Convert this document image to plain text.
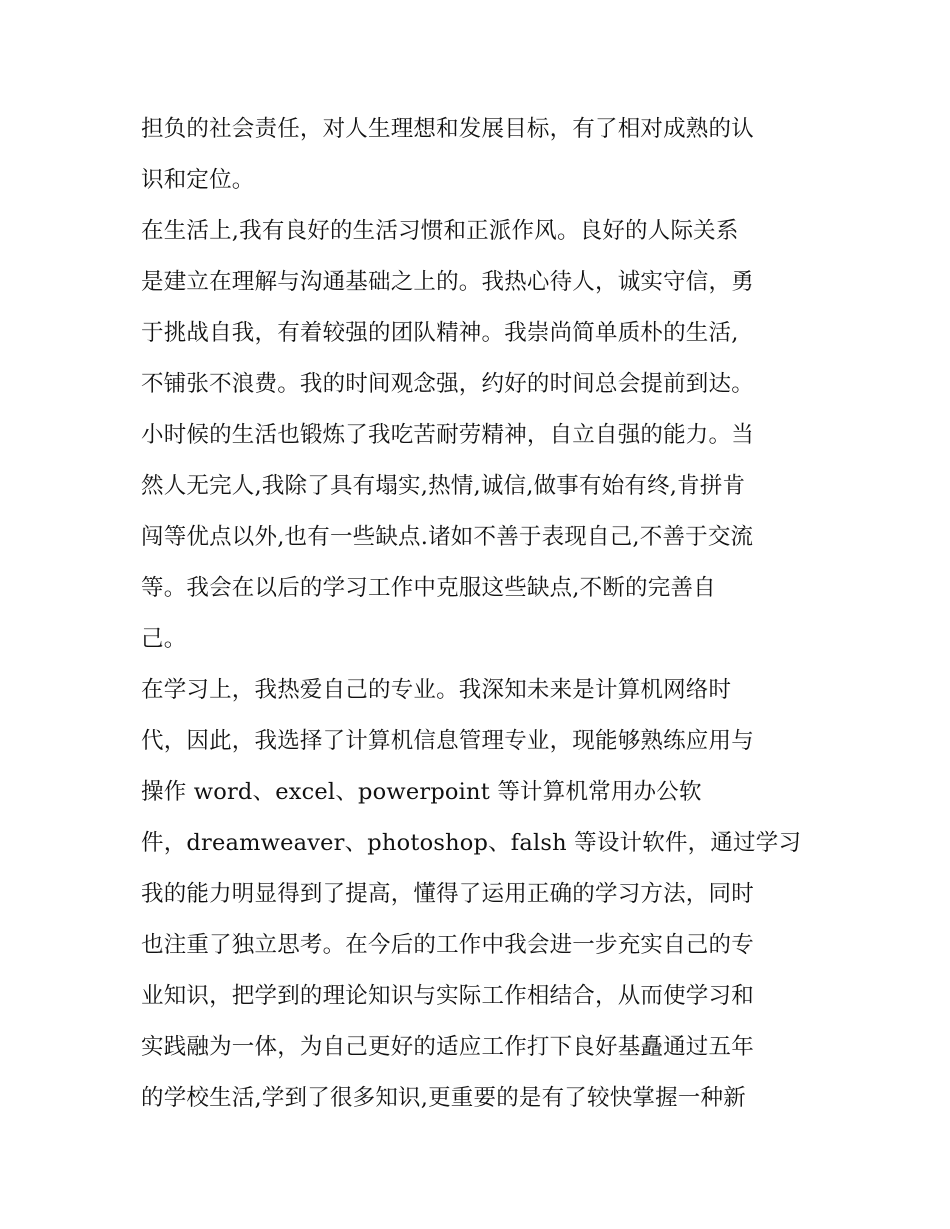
担负的社会责任，对人生理想和发展目标，有了相对成熟的认
识和定位。
在生活上,我有良好的生活习惯和正派作风。良好的人际关系
是建立在理解与沟通基础之上的。我热心待人，诚实守信，勇
于挑战自我，有着较强的团队精神。我崇尚简单质朴的生活,
不铺张不浪费。我的时间观念强，约好的时间总会提前到达。
小时候的生活也锻炼了我吃苦耐劳精神，自立自强的能力。当
然人无完人,我除了具有塌实,热情,诚信,做事有始有终,肯拼肯
闯等优点以外,也有一些缺点.诸如不善于表现自己,不善于交流
等。我会在以后的学习工作中克服这些缺点,不断的完善自
己。
在学习上，我热爱自己的专业。我深知未来是计算机网络时
代，因此，我选择了计算机信息管理专业，现能够熟练应用与
操作 word、excel、powerpoint 等计算机常用办公软
件，dreamweaver、photoshop、falsh 等设计软件，通过学习
我的能力明显得到了提高，懂得了运用正确的学习方法，同时
也注重了独立思考。在今后的工作中我会进一步充实自己的专
业知识，把学到的理论知识与实际工作相结合，从而使学习和
实践融为一体，为自己更好的适应工作打下良好基矗通过五年
的学校生活,学到了很多知识,更重要的是有了较快掌握一种新
